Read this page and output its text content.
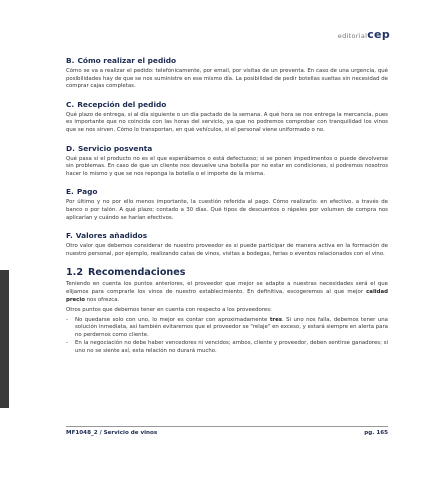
editorialcep
B. Cómo realizar el pedido

Cómo se va a realizar el pedido: telefónicamente, por email, por visitas de un preventa. En caso de una urgencia, qué posibilidades hay de que se nos suministre en ese mismo día. La posibilidad de pedir botellas sueltas sin necesidad de comprar cajas completas.

C. Recepción del pedido

Qué plazo de entrega, si al día siguiente o un día pactado de la semana. A qué hora se nos entrega la mercancía, pues es importante que no coincida con las horas del servicio, ya que no podremos comprobar con tranquilidad los vinos que se nos sirven. Cómo lo transportan, en qué vehículos, si el personal viene uniformado o no.

D. Servicio posventa

Qué pasa si el producto no es el que esperábamos o está defectuoso; si se ponen impedimentos o puede devolverse sin problemas. En caso de que un cliente nos devuelve una botella por no estar en condiciones, si podremos nosotros hacer lo mismo y que se nos reponga la botella o el importe de la misma.

E. Pago

Por último y no por ello menos importante, la cuestión referida al pago. Cómo realizarlo: en efectivo, a través de banco o por talón. A qué plazo; contado a 30 días. Qué tipos de descuentos o rápeles por volumen de compra nos aplicarían y cuándo se harían efectivos.

F. Valores añadidos

Otro valor que debemos considerar de nuestro proveedor es si puede participar de manera activa en la formación de nuestro personal, por ejemplo, realizando catas de vinos, visitas a bodegas, ferias o eventos relacionados con el vino.

1.2 Recomendaciones

Teniendo en cuenta los puntos anteriores, el proveedor que mejor se adapte a nuestras necesidades será el que elijamos para comprarle los vinos de nuestro establecimiento. En definitiva, escogeremos al que mejor calidad precio nos ofrezca.

Otros puntos que debemos tener en cuenta con respecto a los proveedores:

- No quedarse solo con uno, lo mejor es contar con aproximadamente tres. Si uno nos falla, debemos tener una solución inmediata, así también evitaremos que el proveedor se "relaje" en exceso, y estará siempre en alerta para no perdernos como cliente.
- En la negociación no debe haber vencedores ni vencidos; ambos, cliente y proveedor, deben sentirse ganadores; si uno no se siente así, esta relación no durará mucho.
MF1048_2 / Servicio de vinos	pg. 165
